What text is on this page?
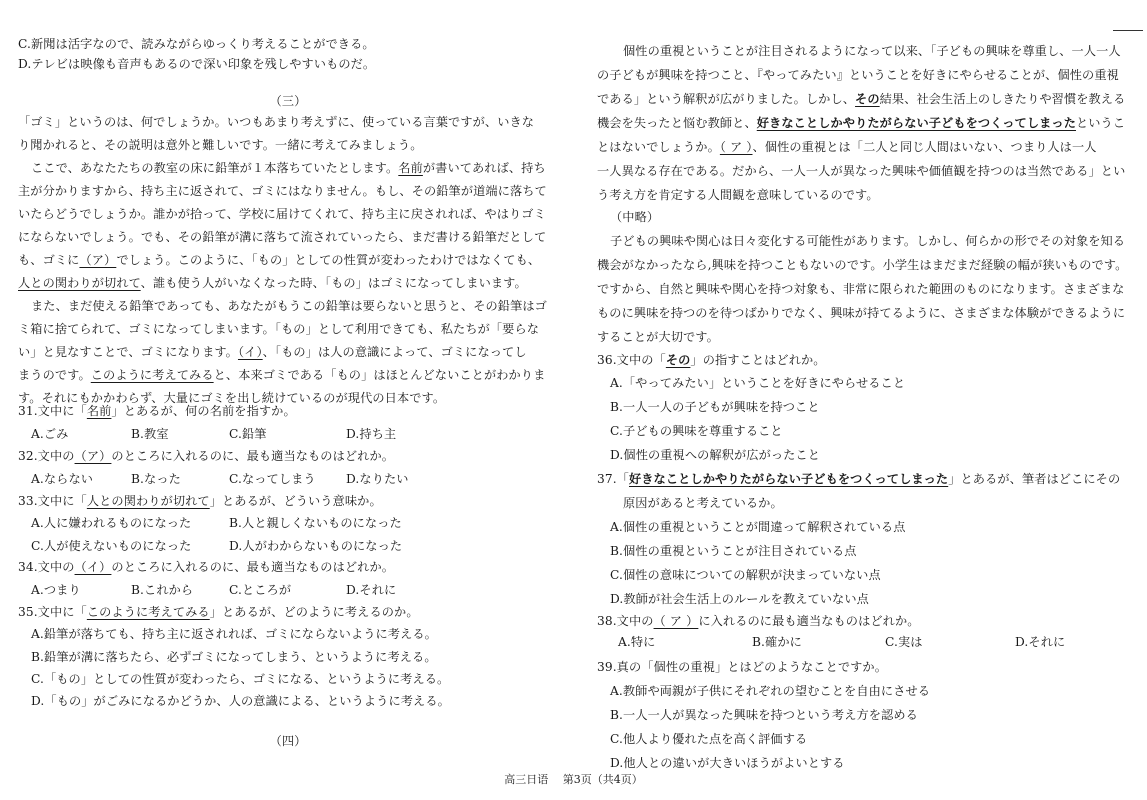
C.新聞は活字なので、読みながらゆっくり考えることができる。
D.テレビは映像も音声もあるので深い印象を残しやすいものだ。
（三）
「ゴミ」というのは、何でしょうか。いつもあまり考えずに、使っている言葉ですが、いきな
り聞かれると、その説明は意外と難しいです。一緒に考えてみましょう。
ここで、あなたたちの教室の床に鉛筆が１本落ちていたとします。名前が書いてあれば、持ち
主が分かりますから、持ち主に返されて、ゴミにはなりません。もし、その鉛筆が道端に落ちて
いたらどうでしょうか。誰かが拾って、学校に届けてくれて、持ち主に戻されれば、やはりゴミ
にならないでしょう。でも、その鉛筆が溝に落ちて流されていったら、まだ書ける鉛筆だとして
も、ゴミに（ア）でしょう。このように、「もの」としての性質が変わったわけではなくても、
人との関わりが切れて、誰も使う人がいなくなった時、「もの」はゴミになってしまいます。
また、まだ使える鉛筆であっても、あなたがもうこの鉛筆は要らないと思うと、その鉛筆はゴ
ミ箱に捨てられて、ゴミになってしまいます。「もの」として利用できても、私たちが「要らな
い」と見なすことで、ゴミになります。（イ）、「もの」は人の意識によって、ゴミになってし
まうのです。このように考えてみると、本来ゴミである「もの」はほとんどないことがわかりま
す。それにもかかわらず、大量にゴミを出し続けているのが現代の日本です。
31.文中に「名前」とあるが、何の名前を指すか。
A.ごみ	B.教室	C.鉛筆	D.持ち主
32.文中の（ア）のところに入れるのに、最も適当なものはどれか。
A.ならない	B.なった	C.なってしまう D.なりたい
33.文中に「人との関わりが切れて」とあるが、どういう意味か。
A.人に嫌われるものになった	B.人と親しくないものになった
C.人が使えないものになった	D.人がわからないものになった
34.文中の（イ）のところに入れるのに、最も適当なものはどれか。
A.つまり	B.これから	C.ところが	D.それに
35.文中に「このように考えてみる」とあるが、どのように考えるのか。
A.鉛筆が落ちても、持ち主に返されれば、ゴミにならないように考える。
B.鉛筆が溝に落ちたら、必ずゴミになってしまう、というように考える。
C.「もの」としての性質が変わったら、ゴミになる、というように考える。
D.「もの」がごみになるかどうか、人の意識による、というように考える。
（四）
個性の重視ということが注目されるようになって以来、「子どもの興味を尊重し、一人一人
の子どもが興味を持つこと、『やってみたい』ということを好きにやらせることが、個性の重視
である」という解釈が広がりました。しかし、その結果、社会生活上のしきたりや習慣を教える
機会を失ったと悩む教師と、好きなことしかやりたがらない子どもをつくってしまったというこ
とはないでしょうか。（ ア ）、個性の重視とは「二人と同じ人間はいない、つまり人は一人
一人異なる存在である。だから、一人一人が異なった興味や価値観を持つのは当然である」とい
う考え方を肯定する人間観を意味しているのです。
（中略）
子どもの興味や関心は日々変化する可能性があります。しかし、何らかの形でその対象を知る
機会がなかったなら,興味を持つこともないのです。小学生はまだまだ経験の幅が狭いものです。
ですから、自然と興味や関心を持つ対象も、非常に限られた範囲のものになります。さまざまな
ものに興味を持つのを待つばかりでなく、興味が持てるように、さまざまな体験ができるように
することが大切です。
36.文中の「その」の指すことはどれか。
A.「やってみたい」ということを好きにやらせること
B.一人一人の子どもが興味を持つこと
C.子どもの興味を尊重すること
D.個性の重視への解釈が広がったこと
37.「好きなことしかやりたがらない子どもをつくってしまった」とあるが、筆者はどこにその
原因があると考えているか。
A.個性の重視ということが間違って解釈されている点
B.個性の重視ということが注目されている点
C.個性の意味についての解釈が決まっていない点
D.教師が社会生活上のルールを教えていない点
38.文中の（ ア ）に入れるのに最も適当なものはどれか。
A.特に	B.確かに	C.実は	D.それに
39.真の「個性の重視」とはどのようなことですか。
A.教師や両親が子供にそれぞれの望むことを自由にさせる
B.一人一人が異なった興味を持つという考え方を認める
C.他人より優れた点を高く評価する
D.他人との違いが大きいほうがよいとする
高三日语　 第3页（共4页）
